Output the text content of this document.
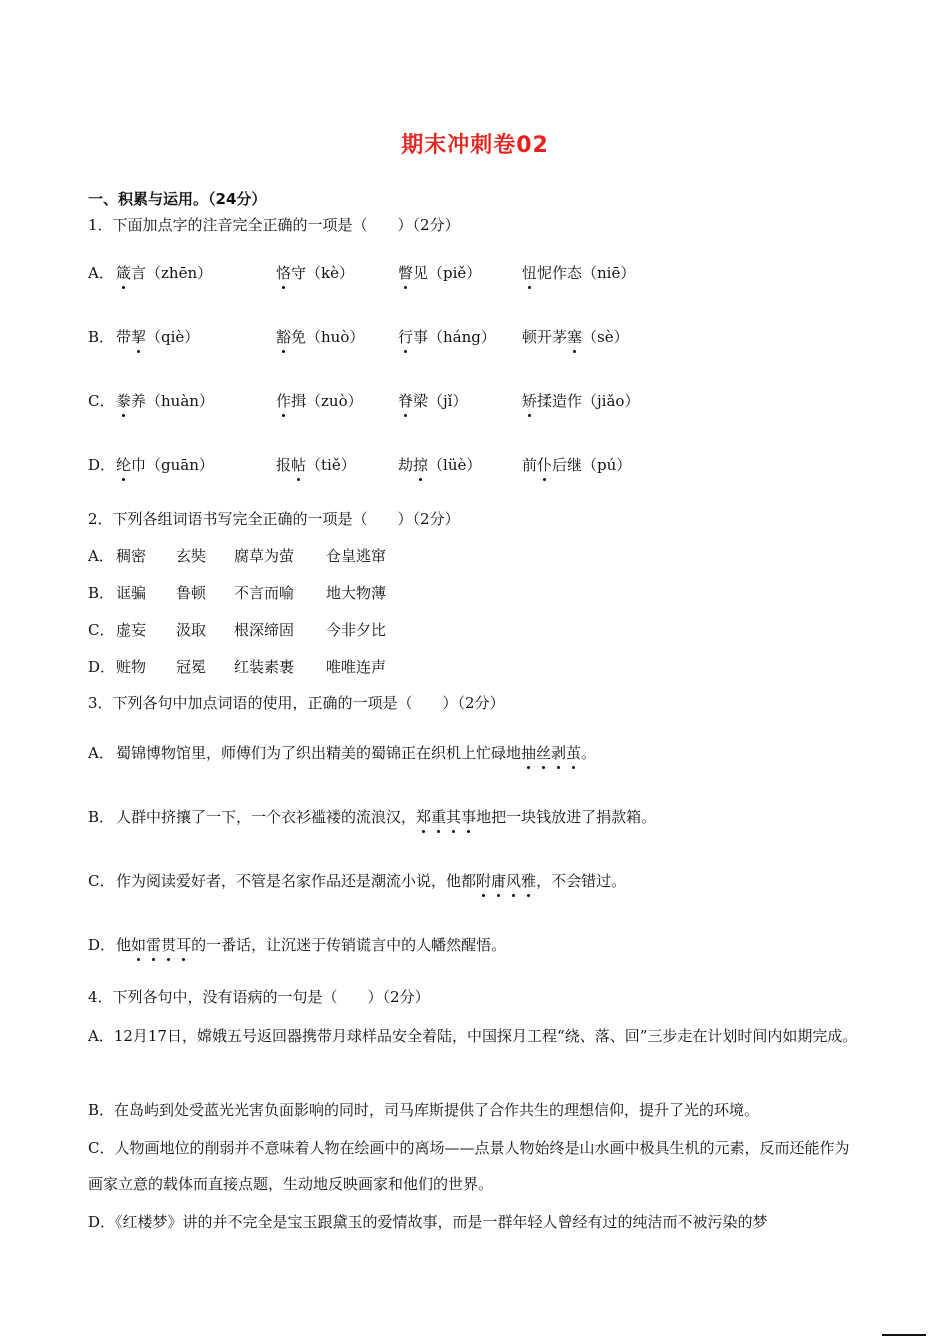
期末冲刺卷02
一、积累与运用。（24分）
1．下面加点字的注音完全正确的一项是（　　）（2分）
A． 箴言（zhēn）	恪守（kè）	瞥见（piě）	忸怩作态（niē）
B． 带挈（qiè）	豁免（huò） 行事（háng） 顿开茅塞（sè）
C． 豢养（huàn）	作揖（zuò） 脊梁（jǐ）	矫揉造作（jiǎo）
D． 纶巾（guān）	报帖（tiě）	劫掠（lüè）	前仆后继（pú）
2．下列各组词语书写完全正确的一项是（　　）（2分）
A． 稠密 玄奘 腐草为萤 仓皇逃窜
B． 诓骗 鲁顿 不言而喻 地大物薄
C． 虚妄 汲取 根深缔固 今非夕比
D． 赃物 冠冕 红装素裹 唯唯连声
3．下列各句中加点词语的使用，正确的一项是（　　）（2分）
A． 蜀锦博物馆里，师傅们为了织出精美的蜀锦正在织机上忙碌地抽丝剥茧。
B． 人群中挤攘了一下，一个衣衫褴褛的流浪汉，郑重其事地把一块钱放进了捐款箱。
C． 作为阅读爱好者，不管是名家作品还是潮流小说，他都附庸风雅，不会错过。
D．他如雷贯耳的一番话，让沉迷于传销谎言中的人幡然醒悟。
4．下列各句中，没有语病的一句是（　　）（2分）
A．12月17日，嫦娥五号返回器携带月球样品安全着陆，中国探月工程“绕、落、回”三步走在计划时间内如期完成。
B．在岛屿到处受蓝光光害负面影响的同时，司马库斯提供了合作共生的理想信仰，提升了光的环境。
C．人物画地位的削弱并不意味着人物在绘画中的离场——点景人物始终是山水画中极具生机的元素，反而还能作为画家立意的载体而直接点题，生动地反映画家和他们的世界。
D．《红楼梦》讲的并不完全是宝玉跟黛玉的爱情故事，而是一群年轻人曾经有过的纯洁而不被污染的梦
